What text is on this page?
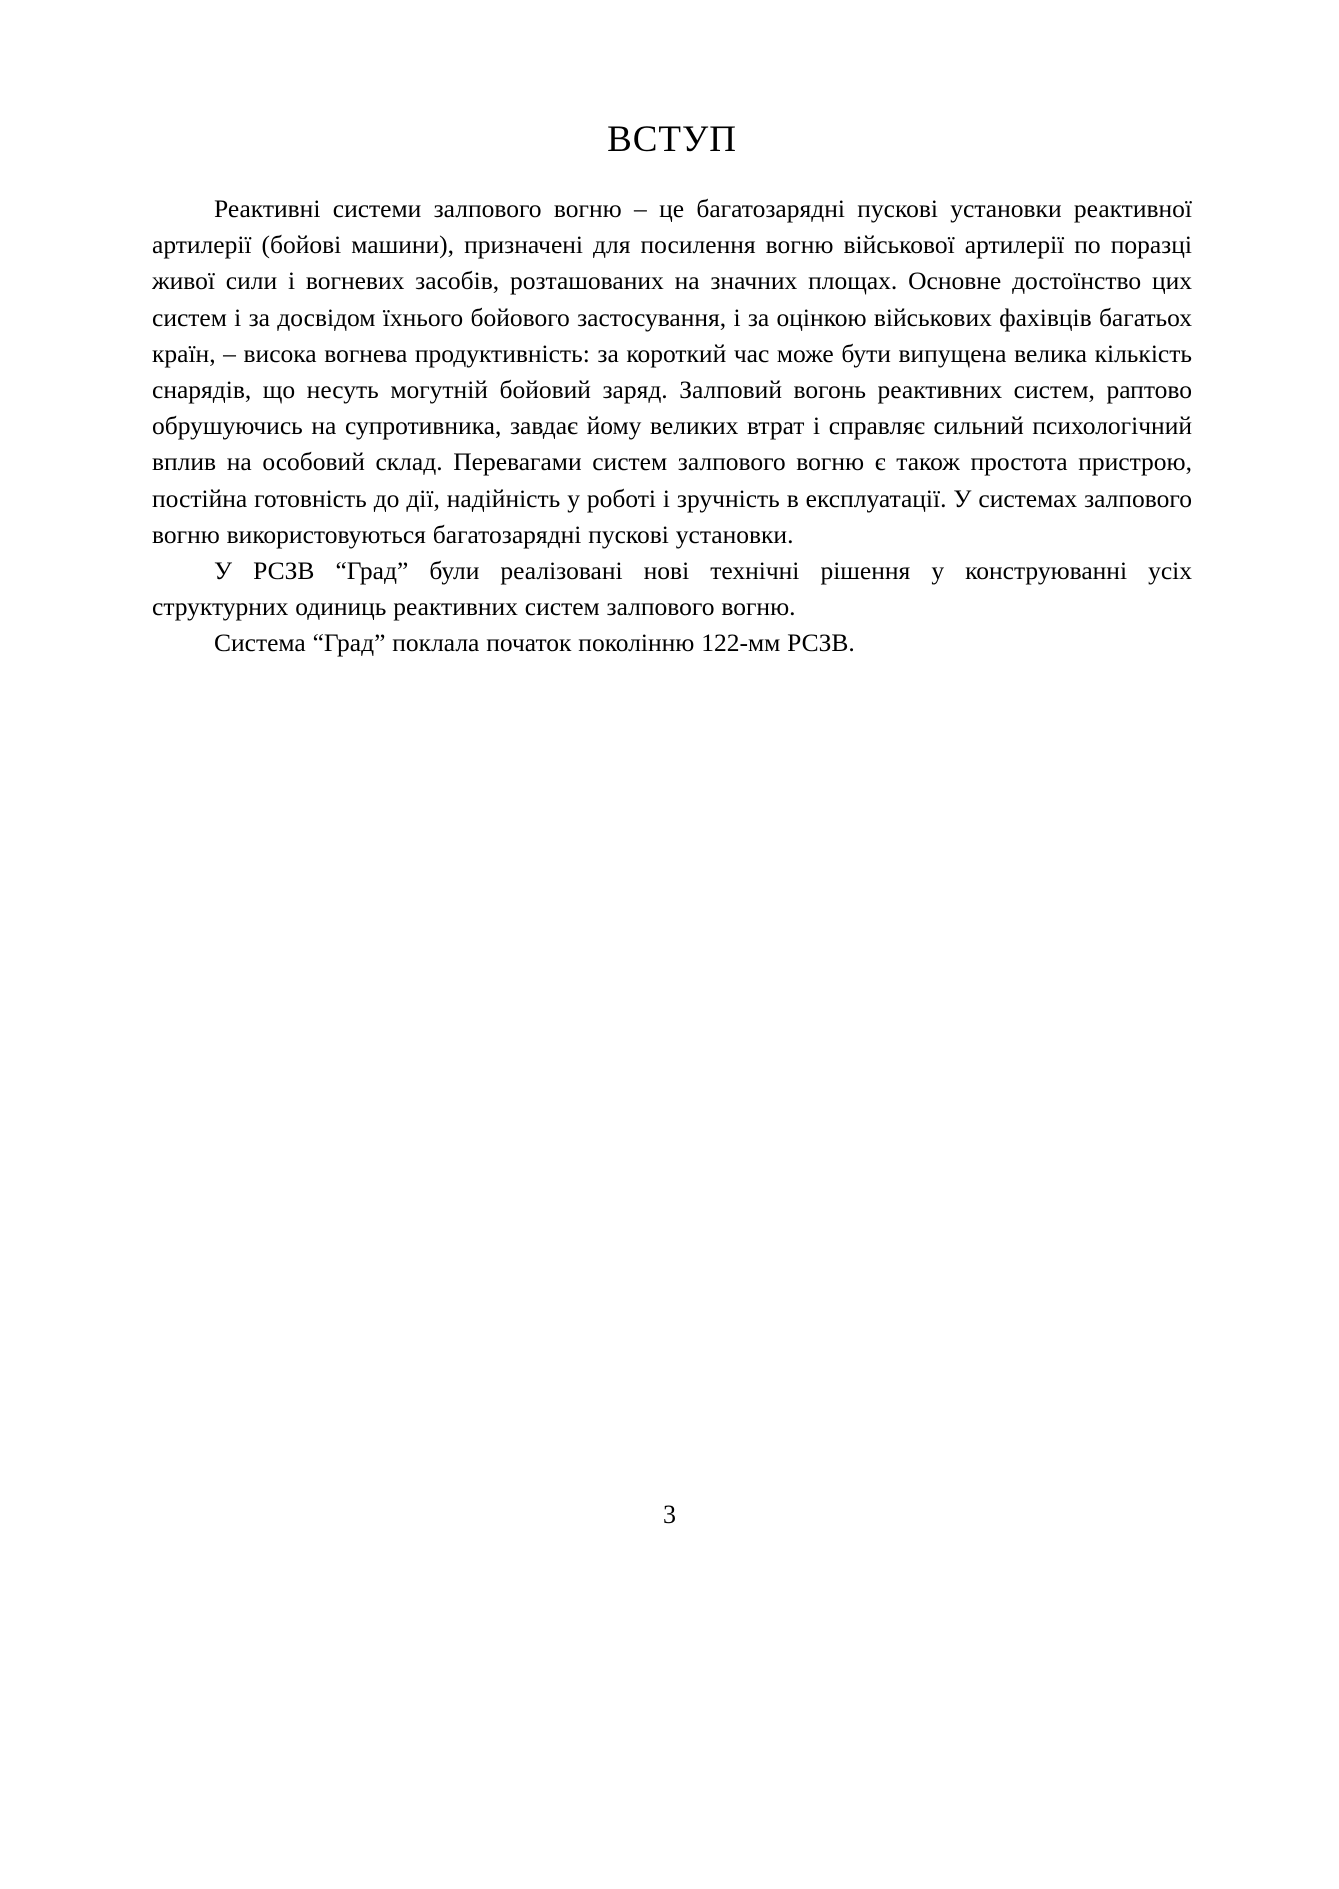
ВСТУП

Реактивні системи залпового вогню – це багатозарядні пускові установки реактивної артилерії (бойові машини), призначені для посилення вогню військової артилерії по поразці живої сили і вогневих засобів, розташованих на значних площах. Основне достоїнство цих систем і за досвідом їхнього бойового застосування, і за оцінкою військових фахівців багатьох країн, – висока вогнева продуктивність: за короткий час може бути випущена велика кількість снарядів, що несуть могутній бойовий заряд. Залповий вогонь реактивних систем, раптово обрушуючись на супротивника, завдає йому великих втрат і справляє сильний психологічний вплив на особовий склад. Перевагами систем залпового вогню є також простота пристрою, постійна готовність до дії, надійність у роботі і зручність в експлуатації. У системах залпового вогню використовуються багатозарядні пускові установки.

У РСЗВ “Град” були реалізовані нові технічні рішення у конструюванні усіх структурних одиниць реактивних систем залпового вогню.

Система “Град” поклала початок поколінню 122-мм РСЗВ.

3
